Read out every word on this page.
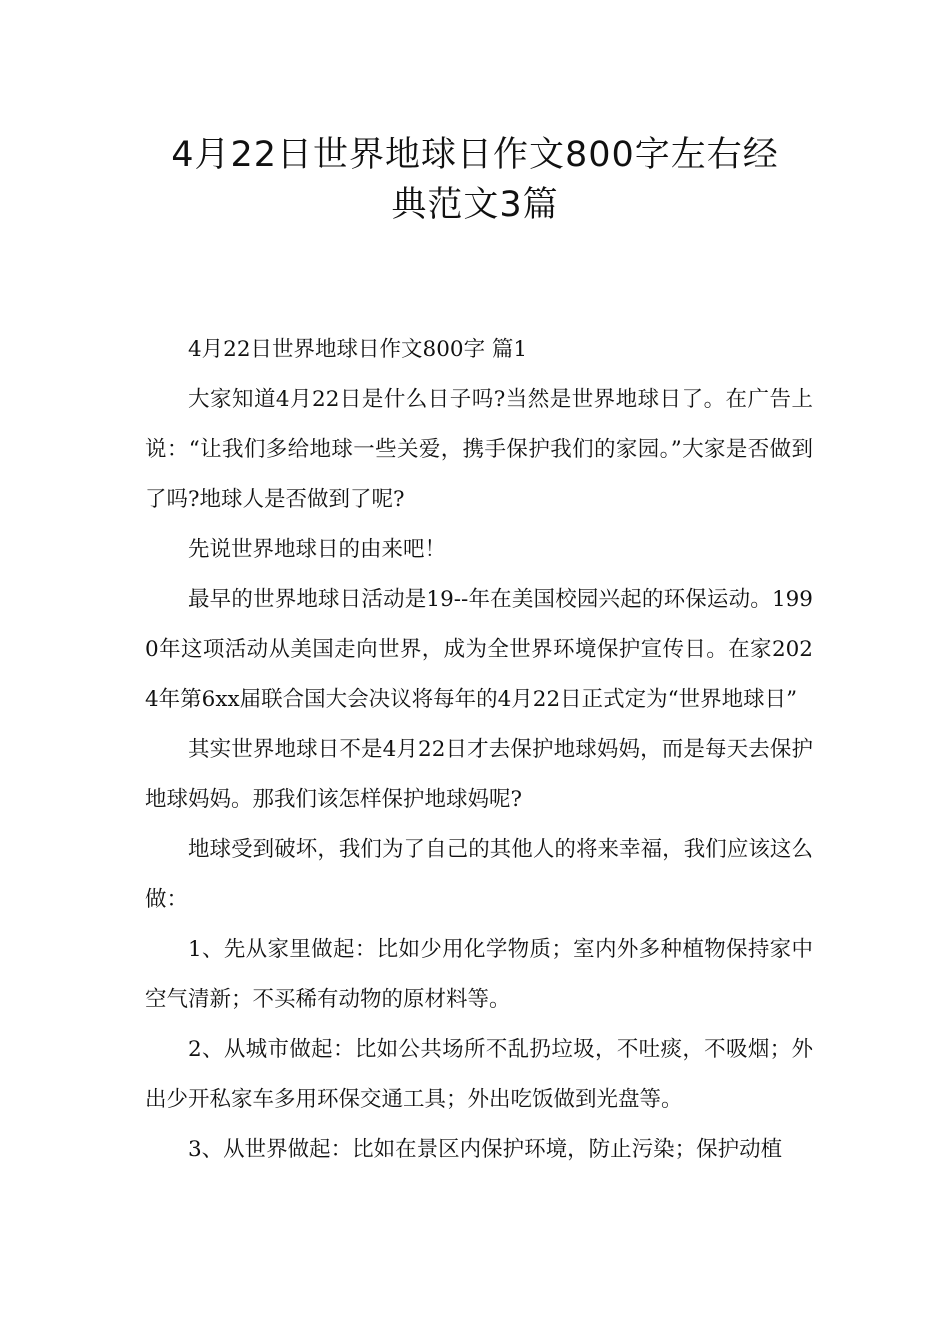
4月22日世界地球日作文800字左右经
典范文3篇

4月22日世界地球日作文800字 篇1

大家知道4月22日是什么日子吗?当然是世界地球日了。在广告上说：“让我们多给地球一些关爱，携手保护我们的家园。”大家是否做到了吗?地球人是否做到了呢?

先说世界地球日的由来吧！

最早的世界地球日活动是19--年在美国校园兴起的环保运动。1990年这项活动从美国走向世界，成为全世界环境保护宣传日。在家2024年第6xx届联合国大会决议将每年的4月22日正式定为“世界地球日”

其实世界地球日不是4月22日才去保护地球妈妈，而是每天去保护地球妈妈。那我们该怎样保护地球妈呢?

地球受到破坏，我们为了自己的其他人的将来幸福，我们应该这么做：

1、先从家里做起：比如少用化学物质；室内外多种植物保持家中空气清新；不买稀有动物的原材料等。

2、从城市做起：比如公共场所不乱扔垃圾，不吐痰，不吸烟；外出少开私家车多用环保交通工具；外出吃饭做到光盘等。

3、从世界做起：比如在景区内保护环境，防止污染；保护动植
